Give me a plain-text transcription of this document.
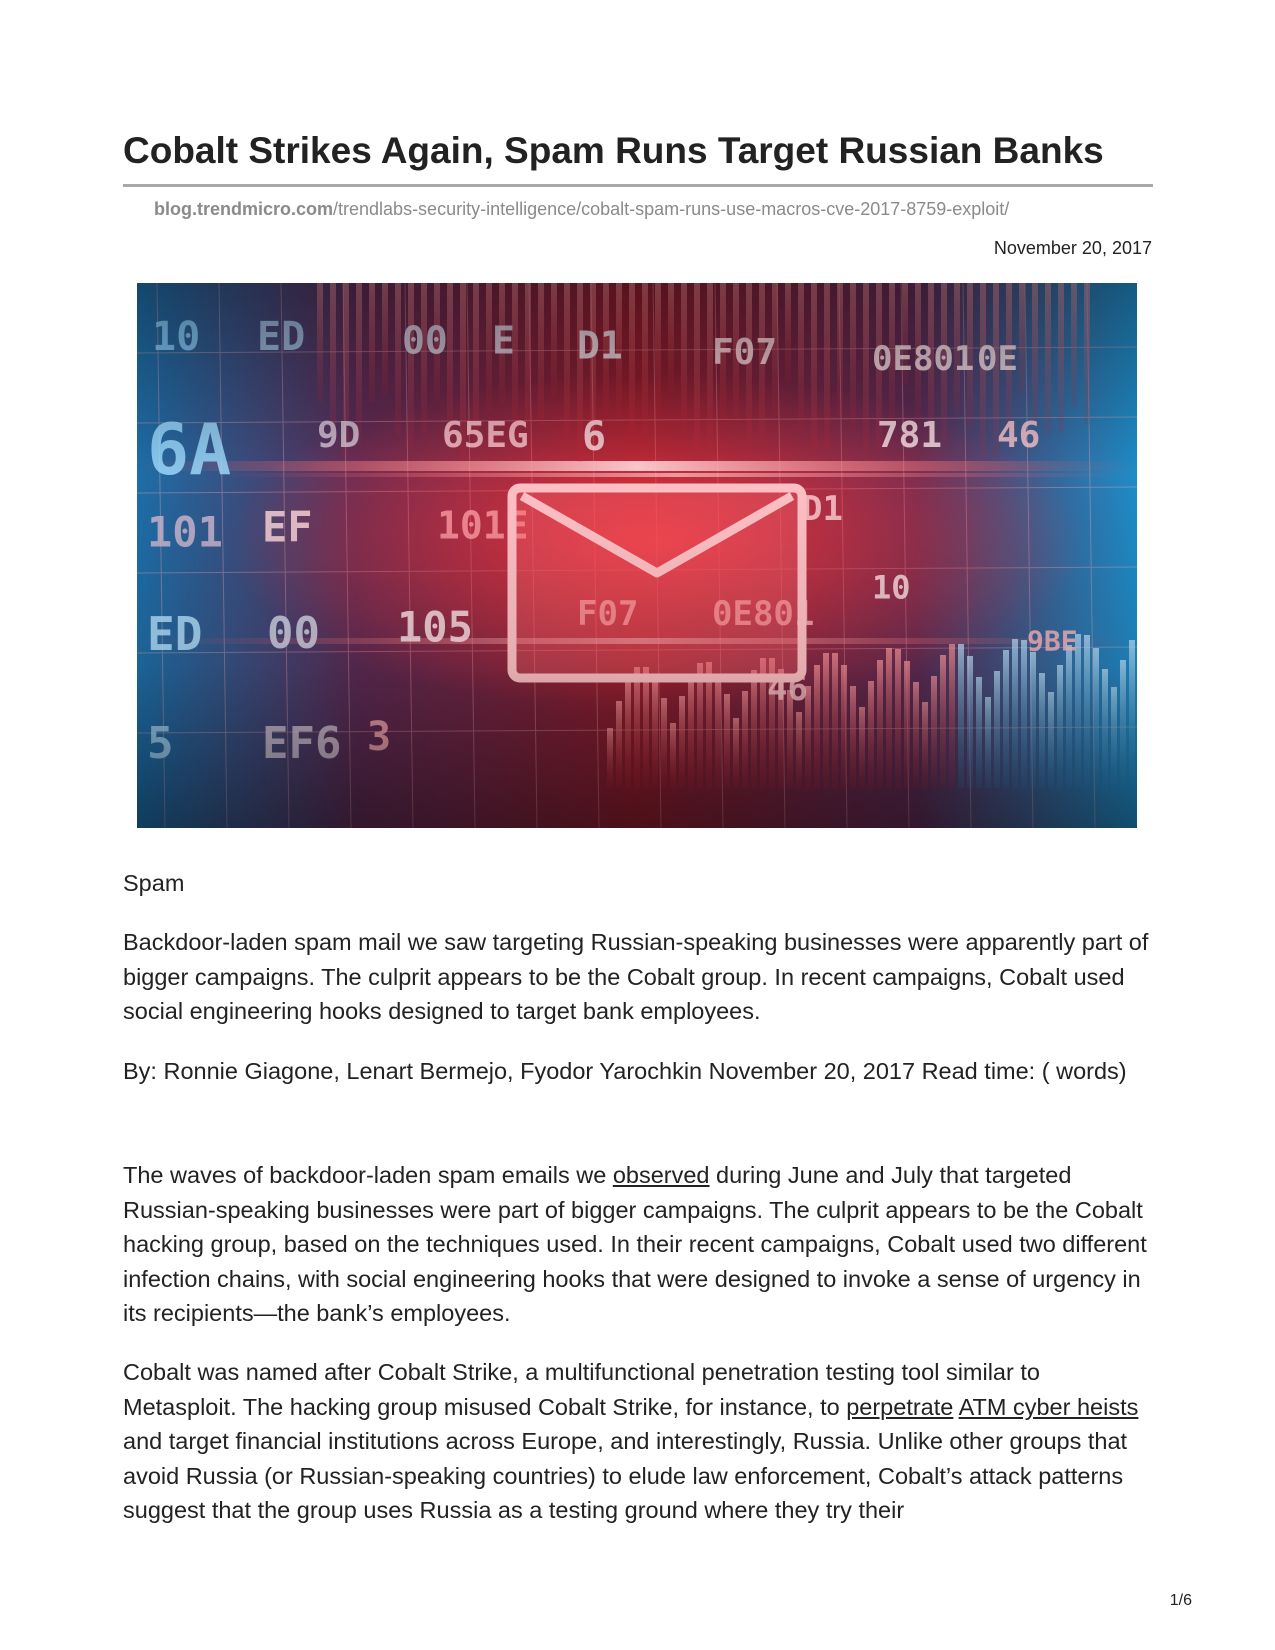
Cobalt Strikes Again, Spam Runs Target Russian Banks
blog.trendmicro.com/trendlabs-security-intelligence/cobalt-spam-runs-use-macros-cve-2017-8759-exploit/
November 20, 2017

Spam

Backdoor-laden spam mail we saw targeting Russian-speaking businesses were apparently part of bigger campaigns. The culprit appears to be the Cobalt group. In recent campaigns, Cobalt used social engineering hooks designed to target bank employees.

By: Ronnie Giagone, Lenart Bermejo, Fyodor Yarochkin November 20, 2017 Read time: ( words)

The waves of backdoor-laden spam emails we observed during June and July that targeted Russian-speaking businesses were part of bigger campaigns. The culprit appears to be the Cobalt hacking group, based on the techniques used. In their recent campaigns, Cobalt used two different infection chains, with social engineering hooks that were designed to invoke a sense of urgency in its recipients—the bank’s employees.

Cobalt was named after Cobalt Strike, a multifunctional penetration testing tool similar to Metasploit. The hacking group misused Cobalt Strike, for instance, to perpetrate ATM cyber heists and target financial institutions across Europe, and interestingly, Russia. Unlike other groups that avoid Russia (or Russian-speaking countries) to elude law enforcement, Cobalt’s attack patterns suggest that the group uses Russia as a testing ground where they try their

1/6
